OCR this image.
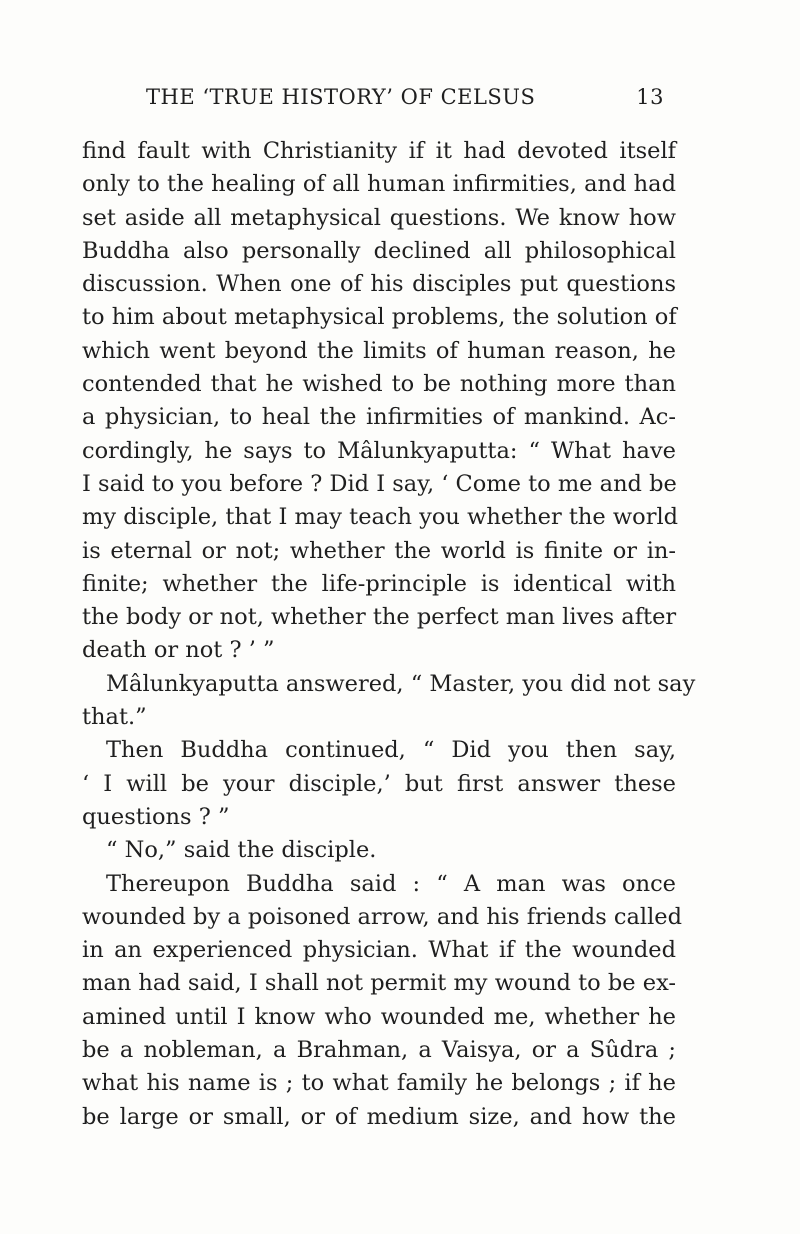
THE ‘TRUE HISTORY’ OF CELSUS	13
find fault with Christianity if it had devoted itself
only to the healing of all human infirmities, and had
set aside all metaphysical questions. We know how
Buddha also personally declined all philosophical
discussion. When one of his disciples put questions
to him about metaphysical problems, the solution of
which went beyond the limits of human reason, he
contended that he wished to be nothing more than
a physician, to heal the infirmities of mankind. Ac-
cordingly, he says to Mâlunkyaputta: “ What have
I said to you before ? Did I say, ‘ Come to me and be
my disciple, that I may teach you whether the world
is eternal or not; whether the world is finite or in-
finite; whether the life-principle is identical with
the body or not, whether the perfect man lives after
death or not ? ’ ”
Mâlunkyaputta answered, “ Master, you did not say
that.”
Then Buddha continued, “ Did you then say,
‘ I will be your disciple,’ but first answer these
questions ? ”
“ No,” said the disciple.
Thereupon Buddha said : “ A man was once
wounded by a poisoned arrow, and his friends called
in an experienced physician. What if the wounded
man had said, I shall not permit my wound to be ex-
amined until I know who wounded me, whether he
be a nobleman, a Brahman, a Vaisya, or a Sûdra ;
what his name is ; to what family he belongs ; if he
be large or small, or of medium size, and how the
